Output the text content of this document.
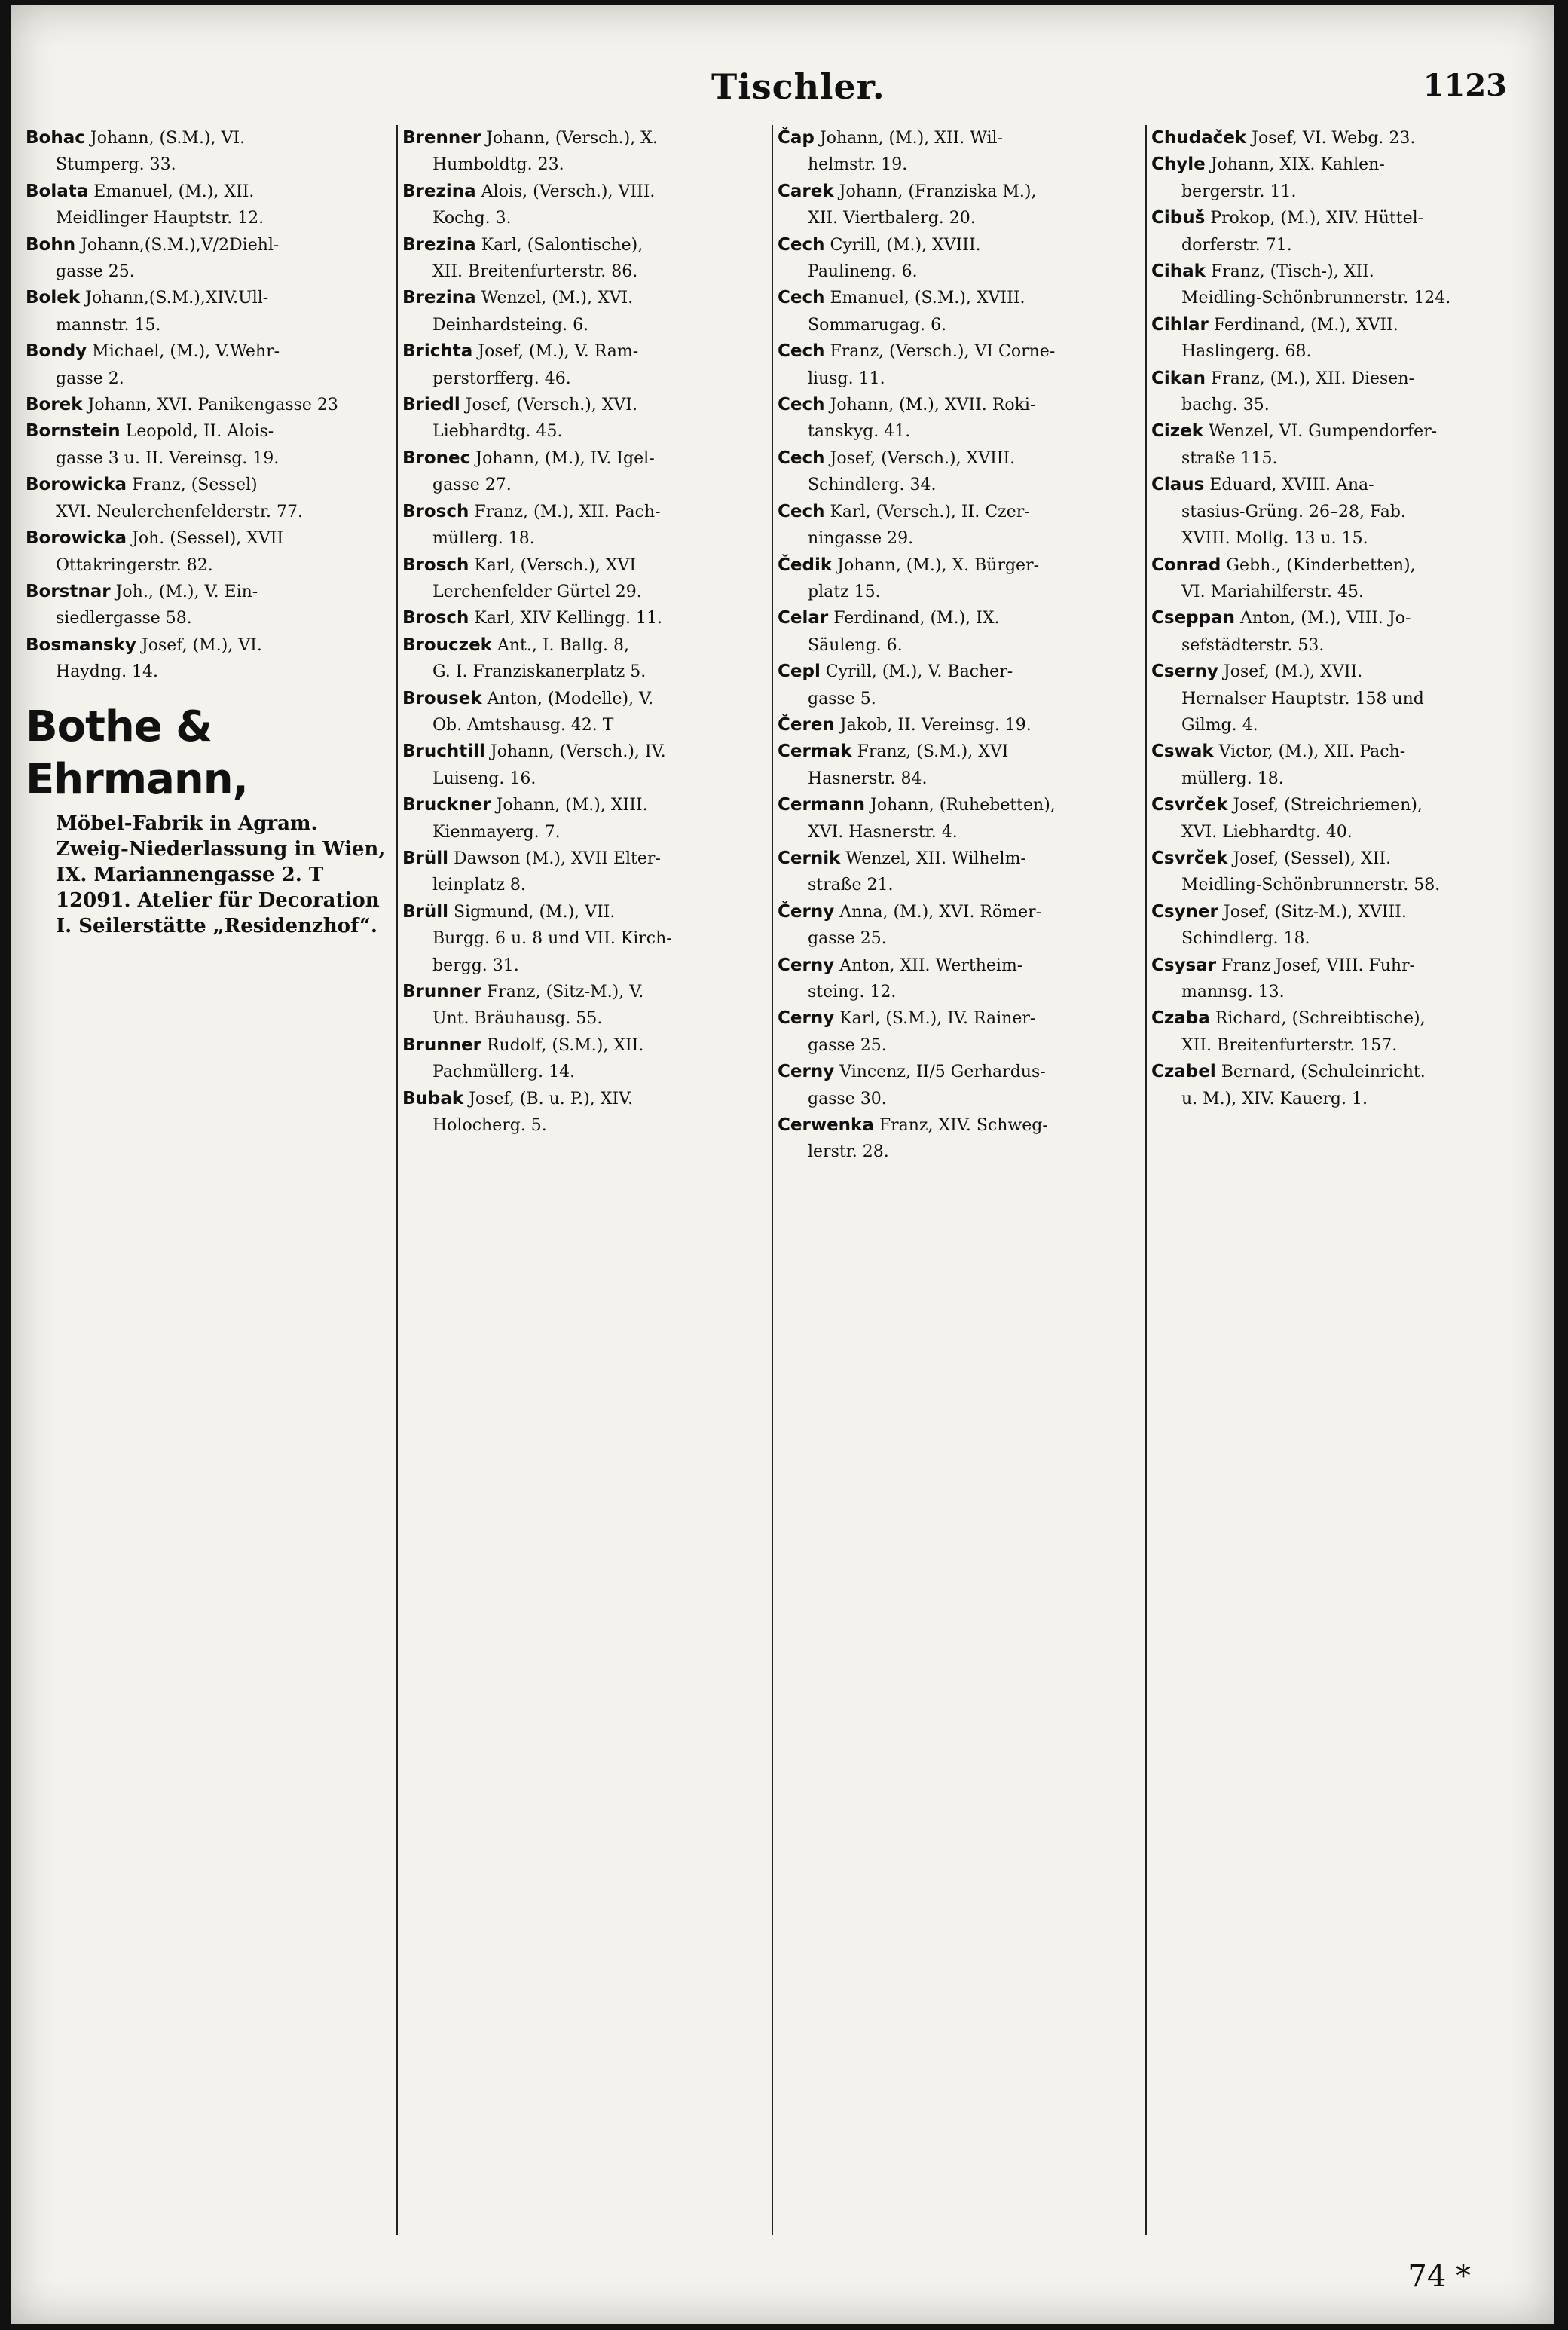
Tischler.	1123
Bohac Johann, (S.M.), VI.
Stumperg. 33.
Bolata Emanuel, (M.), XII.
Meidlinger Hauptstr. 12.
Bohn Johann,(S.M.),V/2Diehl-
gasse 25.
Bolek Johann,(S.M.),XIV.Ull-
mannstr. 15.
Bondy Michael, (M.), V.Wehr-
gasse 2.
Borek Johann, XVI. Panikengasse 23
Bornstein Leopold, II. Alois-
gasse 3 u. II. Vereinsg. 19.
Borowicka Franz, (Sessel)
XVI. Neulerchenfelderstr. 77.
Borowicka Joh. (Sessel), XVII
Ottakringerstr. 82.
Borstnar Joh., (M.), V. Ein-
siedlergasse 58.
Bosmansky Josef, (M.), VI.
Haydng. 14.
Bothe & Ehrmann,
Möbel-Fabrik in Agram. Zweig-Niederlassung in Wien, IX. Mariannengasse 2. T 12091. Atelier für Decoration I. Seilerstätte „Residenzhof“.
Brenner Johann, (Versch.), X.
Humboldtg. 23.
Brezina Alois, (Versch.), VIII.
Kochg. 3.
Brezina Karl, (Salontische),
XII. Breitenfurterstr. 86.
Brezina Wenzel, (M.), XVI.
Deinhardsteing. 6.
Brichta Josef, (M.), V. Ram-
perstorfferg. 46.
Briedl Josef, (Versch.), XVI.
Liebhardtg. 45.
Bronec Johann, (M.), IV. Igel-
gasse 27.
Brosch Franz, (M.), XII. Pach-
müllerg. 18.
Brosch Karl, (Versch.), XVI
Lerchenfelder Gürtel 29.
Brosch Karl, XIV Kellingg. 11.
Brouczek Ant., I. Ballg. 8,
G. I. Franziskanerplatz 5.
Brousek Anton, (Modelle), V.
Ob. Amtshausg. 42. T
Bruchtill Johann, (Versch.), IV.
Luiseng. 16.
Bruckner Johann, (M.), XIII.
Kienmayerg. 7.
Brüll Dawson (M.), XVII Elter-
leinplatz 8.
Brüll Sigmund, (M.), VII.
Burgg. 6 u. 8 und VII. Kirch-
bergg. 31.
Brunner Franz, (Sitz-M.), V.
Unt. Bräuhausg. 55.
Brunner Rudolf, (S.M.), XII.
Pachmüllerg. 14.
Bubak Josef, (B. u. P.), XIV.
Holocherg. 5.
Čap Johann, (M.), XII. Wil-
helmstr. 19.
Carek Johann, (Franziska M.),
XII. Viertbalerg. 20.
Cech Cyrill, (M.), XVIII.
Paulineng. 6.
Cech Emanuel, (S.M.), XVIII.
Sommarugag. 6.
Cech Franz, (Versch.), VI Corne-
liusg. 11.
Cech Johann, (M.), XVII. Roki-
tanskyg. 41.
Cech Josef, (Versch.), XVIII.
Schindlerg. 34.
Cech Karl, (Versch.), II. Czer-
ningasse 29.
Čedik Johann, (M.), X. Bürger-
platz 15.
Celar Ferdinand, (M.), IX.
Säuleng. 6.
Cepl Cyrill, (M.), V. Bacher-
gasse 5.
Čeren Jakob, II. Vereinsg. 19.
Cermak Franz, (S.M.), XVI
Hasnerstr. 84.
Cermann Johann, (Ruhebetten),
XVI. Hasnerstr. 4.
Cernik Wenzel, XII. Wilhelm-
straße 21.
Černy Anna, (M.), XVI. Römer-
gasse 25.
Cerny Anton, XII. Wertheim-
steing. 12.
Cerny Karl, (S.M.), IV. Rainer-
gasse 25.
Cerny Vincenz, II/5 Gerhardus-
gasse 30.
Cerwenka Franz, XIV. Schweg-
lerstr. 28.
Chudaček Josef, VI. Webg. 23.
Chyle Johann, XIX. Kahlen-
bergerstr. 11.
Cibuš Prokop, (M.), XIV. Hüttel-
dorferstr. 71.
Cihak Franz, (Tisch-), XII.
Meidling-Schönbrunnerstr. 124.
Cihlar Ferdinand, (M.), XVII.
Haslingerg. 68.
Cikan Franz, (M.), XII. Diesen-
bachg. 35.
Cizek Wenzel, VI. Gumpendorfer-
straße 115.
Claus Eduard, XVIII. Ana-
stasius-Grüng. 26–28, Fab.
XVIII. Mollg. 13 u. 15.
Conrad Gebh., (Kinderbetten),
VI. Mariahilferstr. 45.
Cseppan Anton, (M.), VIII. Jo-
sefstädterstr. 53.
Cserny Josef, (M.), XVII.
Hernalser Hauptstr. 158 und
Gilmg. 4.
Cswak Victor, (M.), XII. Pach-
müllerg. 18.
Csvrček Josef, (Streichriemen),
XVI. Liebhardtg. 40.
Csvrček Josef, (Sessel), XII.
Meidling-Schönbrunnerstr. 58.
Csyner Josef, (Sitz-M.), XVIII.
Schindlerg. 18.
Csysar Franz Josef, VIII. Fuhr-
mannsg. 13.
Czaba Richard, (Schreibtische),
XII. Breitenfurterstr. 157.
Czabel Bernard, (Schuleinricht.
u. M.), XIV. Kauerg. 1.
74 *
